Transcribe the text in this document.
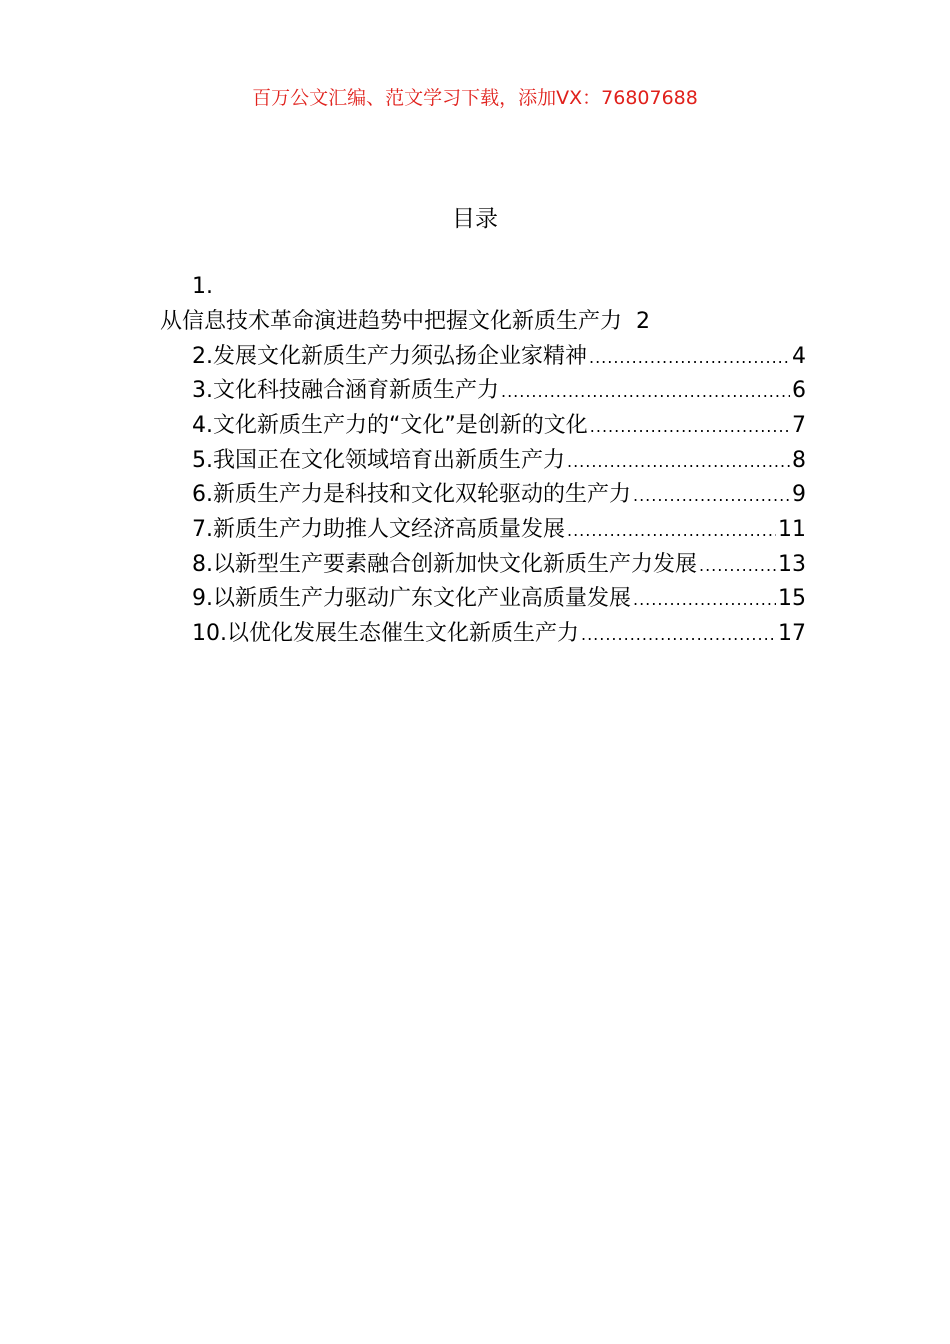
百万公文汇编、范文学习下载，添加VX：76807688
目录
1.
从信息技术革命演进趋势中把握文化新质生产力 2
2.发展文化新质生产力须弘扬企业家精神 .....	4
3.文化科技融合涵育新质生产力 .....	6
4.文化新质生产力的“文化”是创新的文化 .....	7
5.我国正在文化领域培育出新质生产力 .....	8
6.新质生产力是科技和文化双轮驱动的生产力 .....	9
7.新质生产力助推人文经济高质量发展 .....	11
8.以新型生产要素融合创新加快文化新质生产力发展 .....	13
9.以新质生产力驱动广东文化产业高质量发展 .....	15
10.以优化发展生态催生文化新质生产力 .....	17
